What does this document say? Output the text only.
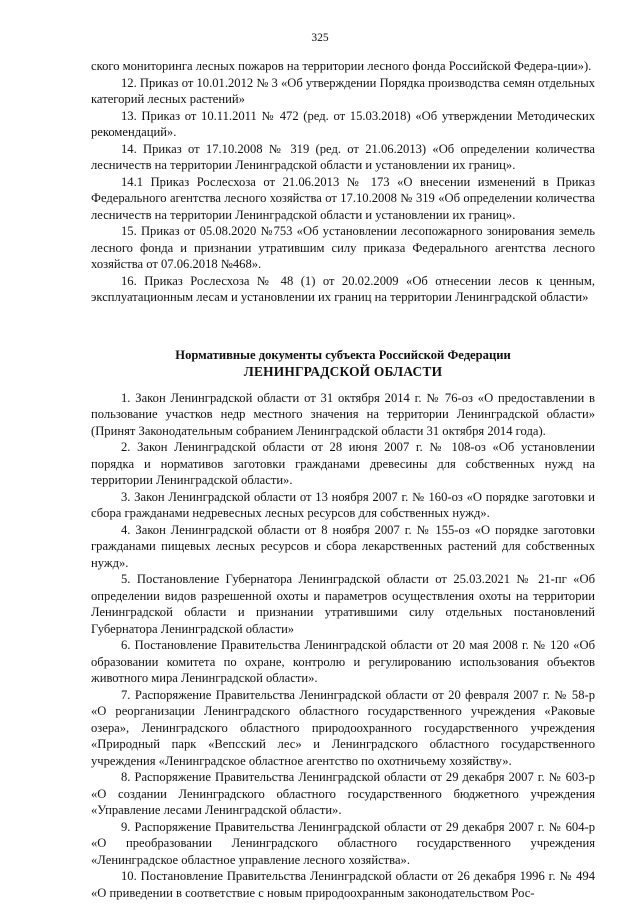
325

ского мониторинга лесных пожаров на территории лесного фонда Российской Федера-ции»).

12. Приказ от 10.01.2012 № 3 «Об утверждении Порядка производства семян отдельных категорий лесных растений»

13. Приказ от 10.11.2011 № 472 (ред. от 15.03.2018) «Об утверждении Методических рекомендаций».

14. Приказ от 17.10.2008 № 319 (ред. от 21.06.2013) «Об определении количества лесничеств на территории Ленинградской области и установлении их границ».

14.1 Приказ Рослесхоза от 21.06.2013 № 173 «О внесении изменений в Приказ Федерального агентства лесного хозяйства от 17.10.2008 № 319 «Об определении количества лесничеств на территории Ленинградской области и установлении их границ».

15. Приказ от 05.08.2020 №753 «Об установлении лесопожарного зонирования земель лесного фонда и признании утратившим силу приказа Федерального агентства лесного хозяйства от 07.06.2018 №468».

16. Приказ Рослесхоза № 48 (1) от 20.02.2009 «Об отнесении лесов к ценным, эксплуатационным лесам и установлении их границ на территории Ленинградской области»

Нормативные документы субъекта Российской Федерации

ЛЕНИНГРАДСКОЙ ОБЛАСТИ

1. Закон Ленинградской области от 31 октября 2014 г. № 76-оз «О предоставлении в пользование участков недр местного значения на территории Ленинградской области» (Принят Законодательным собранием Ленинградской области 31 октября 2014 года).

2. Закон Ленинградской области от 28 июня 2007 г. № 108-оз «Об установлении порядка и нормативов заготовки гражданами древесины для собственных нужд на территории Ленинградской области».

3. Закон Ленинградской области от 13 ноября 2007 г. № 160-оз «О порядке заготовки и сбора гражданами недревесных лесных ресурсов для собственных нужд».

4. Закон Ленинградской области от 8 ноября 2007 г. № 155-оз «О порядке заготовки гражданами пищевых лесных ресурсов и сбора лекарственных растений для собственных нужд».

5. Постановление Губернатора Ленинградской области от 25.03.2021 № 21-пг «Об определении видов разрешенной охоты и параметров осуществления охоты на территории Ленинградской области и признании утратившими силу отдельных постановлений Губернатора Ленинградской области»

6. Постановление Правительства Ленинградской области от 20 мая 2008 г. № 120 «Об образовании комитета по охране, контролю и регулированию использования объектов животного мира Ленинградской области».

7. Распоряжение Правительства Ленинградской области от 20 февраля 2007 г. № 58-р «О реорганизации Ленинградского областного государственного учреждения «Раковые озера», Ленинградского областного природоохранного государственного учреждения «Природный парк «Вепсский лес» и Ленинградского областного государственного учреждения «Ленинградское областное агентство по охотничьему хозяйству».

8. Распоряжение Правительства Ленинградской области от 29 декабря 2007 г. № 603-р «О создании Ленинградского областного государственного бюджетного учреждения «Управление лесами Ленинградской области».

9. Распоряжение Правительства Ленинградской области от 29 декабря 2007 г. № 604-р «О преобразовании Ленинградского областного государственного учреждения «Ленинградское областное управление лесного хозяйства».

10. Постановление Правительства Ленинградской области от 26 декабря 1996 г. № 494 «О приведении в соответствие с новым природоохранным законодательством Рос-
